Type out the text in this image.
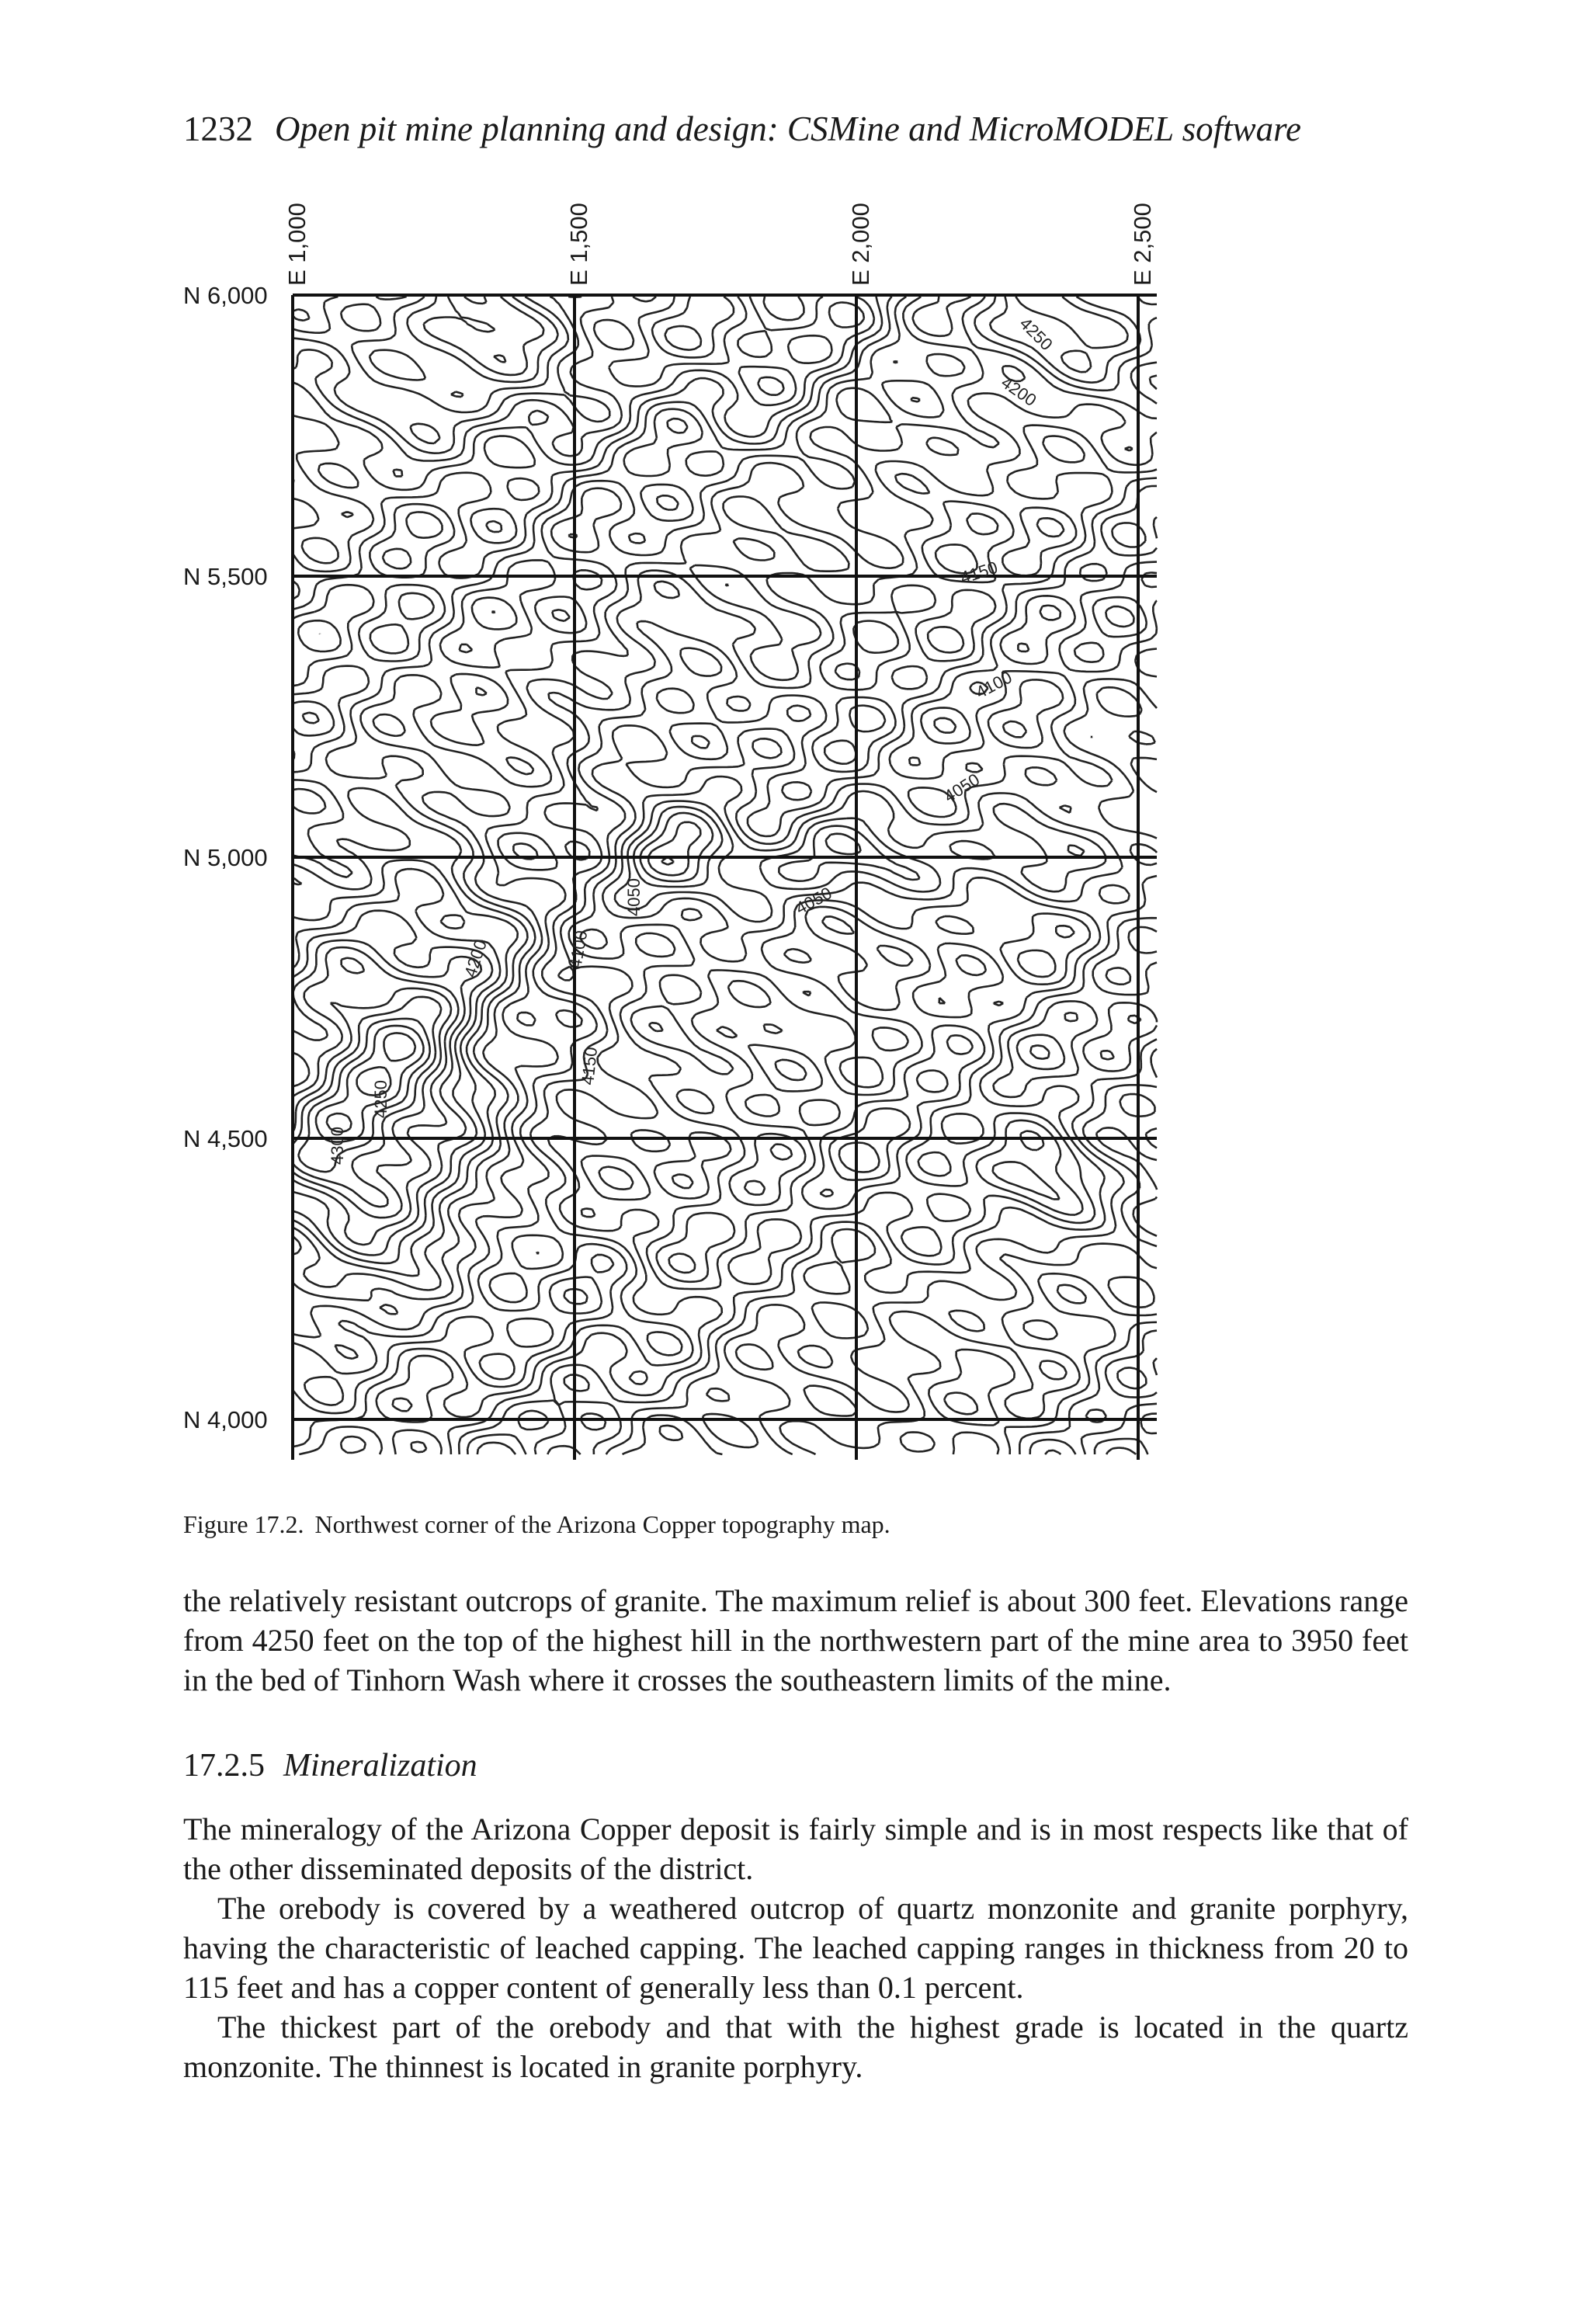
1232 Open pit mine planning and design: CSMine and MicroMODEL software
E 1,000	E 1,500	E 2,000	E 2,500
N 6,000
N 5,500
N 5,000
N 4,500
N 4,000
4250
4200
4150
4100
4050
4050
4050
4200	4100
4150
4250
4300
Figure 17.2. Northwest corner of the Arizona Copper topography map.

the relatively resistant outcrops of granite. The maximum relief is about 300 feet. Elevations range from 4250 feet on the top of the highest hill in the northwestern part of the mine area to 3950 feet in the bed of Tinhorn Wash where it crosses the southeastern limits of the mine.

17.2.5 Mineralization

The mineralogy of the Arizona Copper deposit is fairly simple and is in most respects like that of the other disseminated deposits of the district.

The orebody is covered by a weathered outcrop of quartz monzonite and granite porphyry, having the characteristic of leached capping. The leached capping ranges in thickness from 20 to 115 feet and has a copper content of generally less than 0.1 percent.

The thickest part of the orebody and that with the highest grade is located in the quartz monzonite. The thinnest is located in granite porphyry.
